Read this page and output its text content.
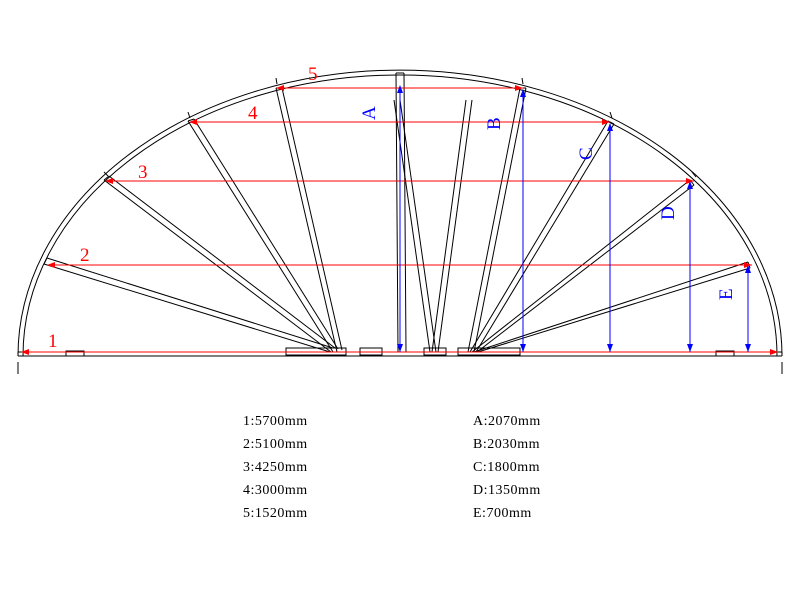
1
2
3
4
5
A
B
C
D
E
1:5700mm
2:5100mm
3:4250mm
4:3000mm
5:1520mm
A:2070mm
B:2030mm
C:1800mm
D:1350mm
E:700mm
